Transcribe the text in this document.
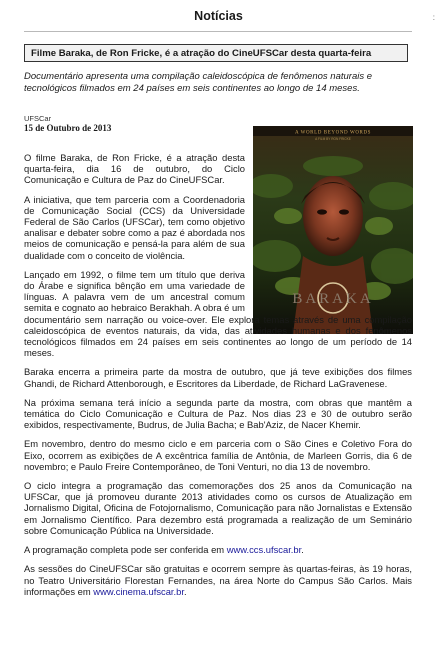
Notícias	:
Filme Baraka, de Ron Fricke, é a atração do CineUFSCar desta quarta-feira
Documentário apresenta uma compilação caleidoscópica de fenômenos naturais e tecnológicos filmados em 24 países em seis continentes ao longo de 14 meses.
UFSCar
15 de Outubro de 2013	A WORLD BEYOND WORDS
A FILM BY RON FRICKE
BARAKA

O filme Baraka, de Ron Fricke, é a atração desta quarta-feira, dia 16 de outubro, do Ciclo Comunicação e Cultura de Paz do CineUFSCar.

A iniciativa, que tem parceria com a Coordenadoria de Comunicação Social (CCS) da Universidade Federal de São Carlos (UFSCar), tem como objetivo analisar e debater sobre como a paz é abordada nos meios de comunicação e pensá-la para além de sua dualidade com o conceito de violência.

Lançado em 1992, o filme tem um título que deriva do Árabe e significa bênção em uma variedade de línguas. A palavra vem de um ancestral comum semita e cognato ao hebraico Berakhah. A obra é um
documentário sem narração ou voice-over. Ele explora temas através de uma compilação caleidoscópica de eventos naturais, da vida, das atividades humanas e dos fenômenos tecnológicos filmados em 24 países em seis continentes ao longo de um período de 14 meses.

Baraka encerra a primeira parte da mostra de outubro, que já teve exibições dos filmes Ghandi, de Richard Attenborough, e Escritores da Liberdade, de Richard LaGravenese.

Na próxima semana terá início a segunda parte da mostra, com obras que mantêm a temática do Ciclo Comunicação e Cultura de Paz. Nos dias 23 e 30 de outubro serão exibidos, respectivamente, Budrus, de Julia Bacha; e Bab'Aziz, de Nacer Khemir.

Em novembro, dentro do mesmo ciclo e em parceria com o São Cines e Coletivo Fora do Eixo, ocorrem as exibições de A excêntrica família de Antônia, de Marleen Gorris, dia 6 de novembro; e Paulo Freire Contemporâneo, de Toni Venturi, no dia 13 de novembro.

O ciclo integra a programação das comemorações dos 25 anos da Comunicação na UFSCar, que já promoveu durante 2013 atividades como os cursos de Atualização em Jornalismo Digital, Oficina de Fotojornalismo, Comunicação para não Jornalistas e Extensão em Jornalismo Científico. Para dezembro está programada a realização de um Seminário sobre Comunicação Pública na Universidade.

A programação completa pode ser conferida em www.ccs.ufscar.br.

As sessões do CineUFSCar são gratuitas e ocorrem sempre às quartas-feiras, às 19 horas, no Teatro Universitário Florestan Fernandes, na área Norte do Campus São Carlos. Mais informações em www.cinema.ufscar.br.
